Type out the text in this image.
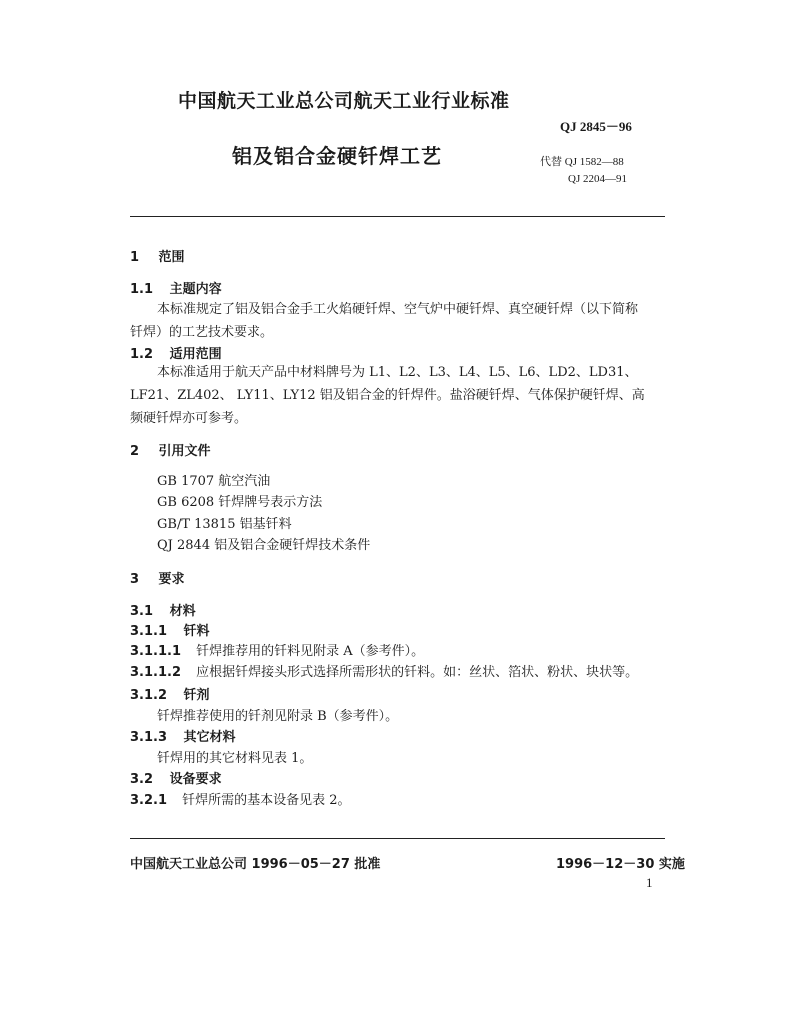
中国航天工业总公司航天工业行业标准
QJ 2845－96
铝及铝合金硬钎焊工艺	代替 QJ 1582—88
QJ 2204—91
1 范围
1.1 主题内容
本标准规定了铝及铝合金手工火焰硬钎焊、空气炉中硬钎焊、真空硬钎焊（以下简称
钎焊）的工艺技术要求。
1.2 适用范围
本标准适用于航天产品中材料牌号为 L1、L2、L3、L4、L5、L6、LD2、LD31、
LF21、ZL402、 LY11、LY12 铝及铝合金的钎焊件。盐浴硬钎焊、气体保护硬钎焊、高
频硬钎焊亦可参考。
2 引用文件
GB 1707 航空汽油
GB 6208 钎焊牌号表示方法
GB/T 13815 铝基钎料
QJ 2844 铝及铝合金硬钎焊技术条件
3 要求
3.1 材料
3.1.1 钎料
3.1.1.1 钎焊推荐用的钎料见附录 A（参考件）。
3.1.1.2 应根据钎焊接头形式选择所需形状的钎料。如：丝状、箔状、粉状、块状等。
3.1.2 钎剂
钎焊推荐使用的钎剂见附录 B（参考件）。
3.1.3 其它材料
钎焊用的其它材料见表 1。
3.2 设备要求
3.2.1 钎焊所需的基本设备见表 2。
中国航天工业总公司 1996－05－27 批准	1996－12－30 实施
1
